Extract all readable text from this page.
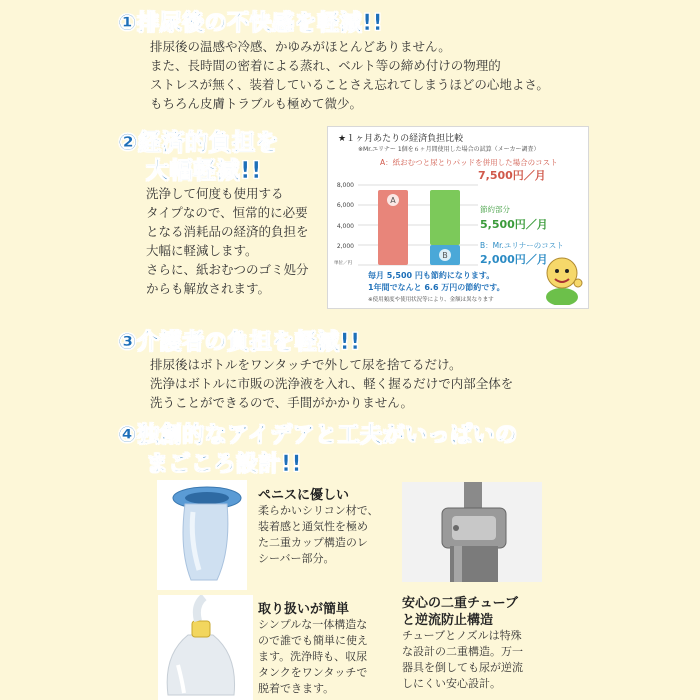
①排尿後の不快感を軽減!!
排尿後の温感や冷感、かゆみがほとんどありません。
また、長時間の密着による蒸れ、ベルト等の締め付けの物理的
ストレスが無く、装着していることさえ忘れてしまうほどの心地よさ。
もちろん皮膚トラブルも極めて微少。
②経済的負担を
大幅軽減!!
洗浄して何度も使用する
タイプなので、恒常的に必要
となる消耗品の経済的負担を
大幅に軽減します。
さらに、紙おむつのゴミ処分
からも解放されます。
★１ヶ月あたりの経済負担比較
※Mr.ユリナー 1個を６ヶ月間使用した場合の試算（メーカー調査）
A：紙おむつと尿とりパッドを併用した場合のコスト
7,500円／月
8,000
6,000
4,000
2,000
単位／円
A
B
節約部分
5,500円／月
B：Mr.ユリナーのコスト
2,000円／月
毎月 5,500 円も節約になります。
1年間でなんと 6.6 万円の節約です。
※使用頻度や使用状況等により、金額は異なります
③介護者の負担を軽減!!
排尿後はボトルをワンタッチで外して尿を捨てるだけ。
洗浄はボトルに市販の洗浄液を入れ、軽く握るだけで内部全体を
洗うことができるので、手間がかかりません。
④独創的なアイデアと工夫がいっぱいの
まごころ設計!!
ペニスに優しい
柔らかいシリコン材で、
装着感と通気性を極め
た二重カップ構造のレ
シーバー部分。
取り扱いが簡単
シンプルな一体構造な
ので誰でも簡単に使え
ます。洗浄時も、収尿
タンクをワンタッチで
脱着できます。
安心の二重チューブ
と逆流防止構造
チューブとノズルは特殊
な設計の二重構造。万一
器具を倒しても尿が逆流
しにくい安心設計。
